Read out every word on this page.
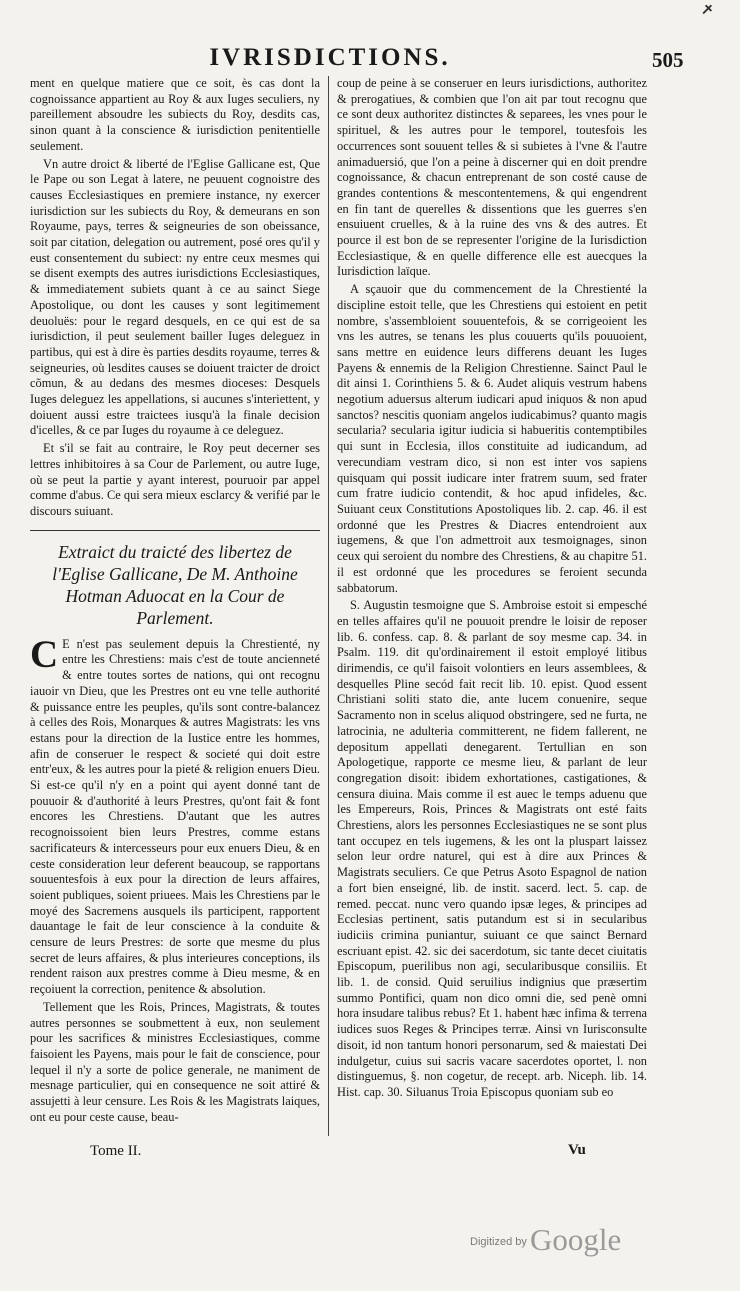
IVRISDICTIONS.	505
✝

ment en quelque matiere que ce soit, ès cas dont la cognoissance appartient au Roy & aux Iuges seculiers, ny pareillement absoudre les subiects du Roy, desdits cas, sinon quant à la conscience & iurisdiction penitentielle seulement.

Vn autre droict & liberté de l'Eglise Gallicane est, Que le Pape ou son Legat à latere, ne peuuent cognoistre des causes Ecclesiastiques en premiere instance, ny exercer iurisdiction sur les subiects du Roy, & demeurans en son Royaume, pays, terres & seigneuries de son obeissance, soit par citation, delegation ou autrement, posé ores qu'il y eust consentement du subiect: ny entre ceux mesmes qui se disent exempts des autres iurisdictions Ecclesiastiques, & immediatement subiets quant à ce au sainct Siege Apostolique, ou dont les causes y sont legitimement deuoluës: pour le regard desquels, en ce qui est de sa iurisdiction, il peut seulement bailler Iuges deleguez in partibus, qui est à dire ès parties desdits royaume, terres & seigneuries, où lesdites causes se doiuent traicter de droict cõmun, & au dedans des mesmes dioceses: Desquels Iuges deleguez les appellations, si aucunes s'interiettent, y doiuent aussi estre traictees iusqu'à la finale decision d'icelles, & ce par Iuges du royaume à ce deleguez.

Et s'il se fait au contraire, le Roy peut decerner ses lettres inhibitoires à sa Cour de Parlement, ou autre Iuge, où se peut la partie y ayant interest, pouruoir par appel comme d'abus. Ce qui sera mieux esclarcy & verifié par le discours suiuant.

Extraict du traicté des libertez de l'Eglise Gallicane, De M. Anthoine Hotman Aduocat en la Cour de Parlement.

C E n'est pas seulement depuis la Chrestienté, ny entre les Chrestiens: mais c'est de toute ancienneté & entre toutes sortes de nations, qui ont recognu iauoir vn Dieu, que les Prestres ont eu vne telle authorité & puissance entre les peuples, qu'ils sont contre-balancez à celles des Rois, Monarques & autres Magistrats: les vns estans pour la direction de la Iustice entre les hommes, afin de conseruer le respect & societé qui doit estre entr'eux, & les autres pour la pieté & religion enuers Dieu. Si est-ce qu'il n'y en a point qui ayent donné tant de pouuoir & d'authorité à leurs Prestres, qu'ont fait & font encores les Chrestiens. D'autant que les autres recognoissoient bien leurs Prestres, comme estans sacrificateurs & intercesseurs pour eux enuers Dieu, & en ceste consideration leur deferent beaucoup, se rapportans souuentesfois à eux pour la direction de leurs affaires, soient publiques, soient priuees. Mais les Chrestiens par le moyé des Sacremens ausquels ils participent, rapportent dauantage le fait de leur conscience à la conduite & censure de leurs Prestres: de sorte que mesme du plus secret de leurs affaires, & plus interieures conceptions, ils rendent raison aux prestres comme à Dieu mesme, & en reçoiuent la correction, penitence & absolution.

Tellement que les Rois, Princes, Magistrats, & toutes autres personnes se soubmettent à eux, non seulement pour les sacrifices & ministres Ecclesiastiques, comme faisoient les Payens, mais pour le fait de conscience, pour lequel il n'y a sorte de police generale, ne maniment de mesnage particulier, qui en consequence ne soit attiré & assujetti à leur censure. Les Rois & les Magistrats laiques, ont eu pour ceste cause, beau-

coup de peine à se conseruer en leurs iurisdictions, authoritez & prerogatiues, & combien que l'on ait par tout recognu que ce sont deux authoritez distinctes & separees, les vnes pour le spirituel, & les autres pour le temporel, toutesfois les occurrences sont souuent telles & si subietes à l'vne & l'autre animaduersió, que l'on a peine à discerner qui en doit prendre cognoissance, & chacun entreprenant de son costé cause de grandes contentions & mescontentemens, & qui engendrent en fin tant de querelles & dissentions que les guerres s'en ensuiuent cruelles, & à la ruine des vns & des autres. Et pource il est bon de se representer l'origine de la Iurisdiction Ecclesiastique, & en quelle difference elle est auecques la Iurisdiction laïque.

A sçauoir que du commencement de la Chrestienté la discipline estoit telle, que les Chrestiens qui estoient en petit nombre, s'assembloient souuentefois, & se corrigeoient les vns les autres, se tenans les plus couuerts qu'ils pouuoient, sans mettre en euidence leurs differens deuant les Iuges Payens & ennemis de la Religion Chrestienne. Sainct Paul le dit ainsi 1. Corinthiens 5. & 6. Audet aliquis vestrum habens negotium aduersus alterum iudicari apud iniquos & non apud sanctos? nescitis quoniam angelos iudicabimus? quanto magis secularia? secularia igitur iudicia si habueritis contemptibiles qui sunt in Ecclesia, illos constituite ad iudicandum, ad verecundiam vestram dico, si non est inter vos sapiens quisquam qui possit iudicare inter fratrem suum, sed frater cum fratre iudicio contendit, & hoc apud infideles, &c. Suiuant ceux Constitutions Apostoliques lib. 2. cap. 46. il est ordonné que les Prestres & Diacres entendroient aux iugemens, & que l'on admettroit aux tesmoignages, sinon ceux qui seroient du nombre des Chrestiens, & au chapitre 51. il est ordonné que les procedures se feroient secunda sabbatorum.

S. Augustin tesmoigne que S. Ambroise estoit si empesché en telles affaires qu'il ne pouuoit prendre le loisir de reposer lib. 6. confess. cap. 8. & parlant de soy mesme cap. 34. in Psalm. 119. dit qu'ordinairement il estoit employé litibus dirimendis, ce qu'il faisoit volontiers en leurs assemblees, & desquelles Pline secód fait recit lib. 10. epist. Quod essent Christiani soliti stato die, ante lucem conuenire, seque Sacramento non in scelus aliquod obstringere, sed ne furta, ne latrocinia, ne adulteria committerent, ne fidem fallerent, ne depositum appellati denegarent. Tertullian en son Apologetique, rapporte ce mesme lieu, & parlant de leur congregation disoit: ibidem exhortationes, castigationes, & censura diuina. Mais comme il est auec le temps aduenu que les Empereurs, Rois, Princes & Magistrats ont esté faits Chrestiens, alors les personnes Ecclesiastiques ne se sont plus tant occupez en tels iugemens, & les ont la pluspart laissez selon leur ordre naturel, qui est à dire aux Princes & Magistrats seculiers. Ce que Petrus Asoto Espagnol de nation a fort bien enseigné, lib. de instit. sacerd. lect. 5. cap. de remed. peccat. nunc vero quando ipsæ leges, & principes ad Ecclesias pertinent, satis putandum est si in secularibus iudiciis crimina puniantur, suiuant ce que sainct Bernard escriuant epist. 42. sic dei sacerdotum, sic tante decet ciuitatis Episcopum, puerilibus non agi, secularibusque consiliis. Et lib. 1. de consid. Quid seruilius indignius que præsertim summo Pontifici, quam non dico omni die, sed penè omni hora insudare talibus rebus? Et 1. habent hæc infima & terrena iudices suos Reges & Principes terræ. Ainsi vn Iurisconsulte disoit, id non tantum honori personarum, sed & maiestati Dei indulgetur, cuius sui sacris vacare sacerdotes oportet, l. non distinguemus, §. non cogetur, de recept. arb. Niceph. lib. 14. Hist. cap. 30. Siluanus Troia Episcopus quoniam sub eo

Tome II.	Vu
Digitized by Google
